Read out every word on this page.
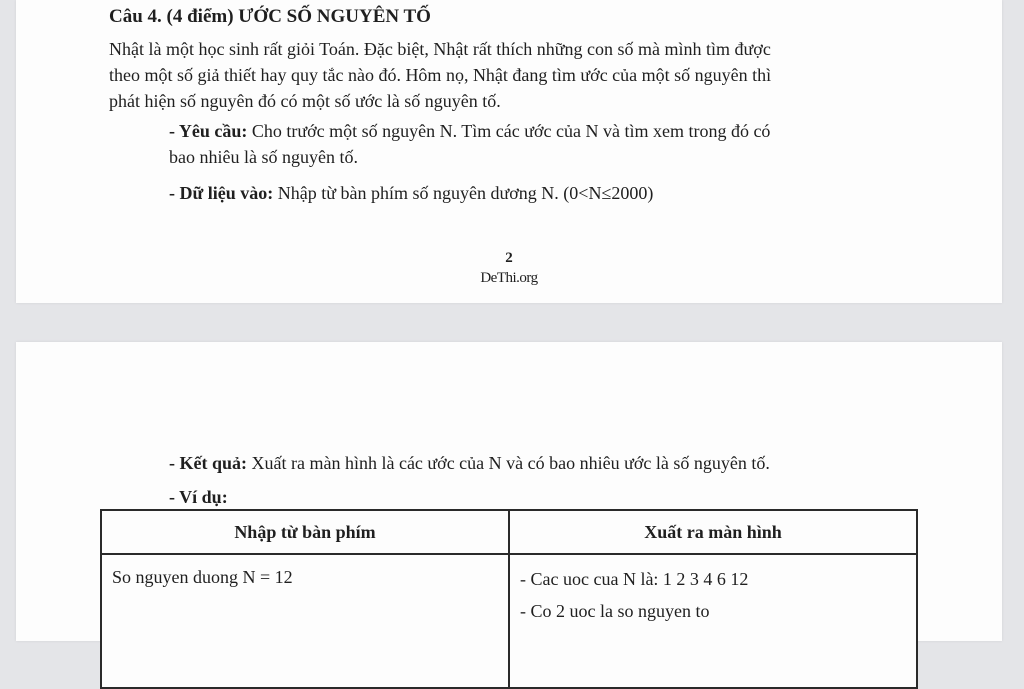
Câu 4. (4 điểm) ƯỚC SỐ NGUYÊN TỐ

Nhật là một học sinh rất giỏi Toán. Đặc biệt, Nhật rất thích những con số mà mình tìm được
theo một số giả thiết hay quy tắc nào đó. Hôm nọ, Nhật đang tìm ước của một số nguyên thì
phát hiện số nguyên đó có một số ước là số nguyên tố.

- Yêu cầu: Cho trước một số nguyên N. Tìm các ước của N và tìm xem trong đó có
bao nhiêu là số nguyên tố.

- Dữ liệu vào: Nhập từ bàn phím số nguyên dương N. (0<N≤2000)

2

DeThi.org

- Kết quả: Xuất ra màn hình là các ước của N và có bao nhiêu ước là số nguyên tố.

- Ví dụ:

Nhập từ bàn phím	Xuất ra màn hình
So nguyen duong N = 12	- Cac uoc cua N là: 1 2 3 4 6 12
- Co 2 uoc la so nguyen to
